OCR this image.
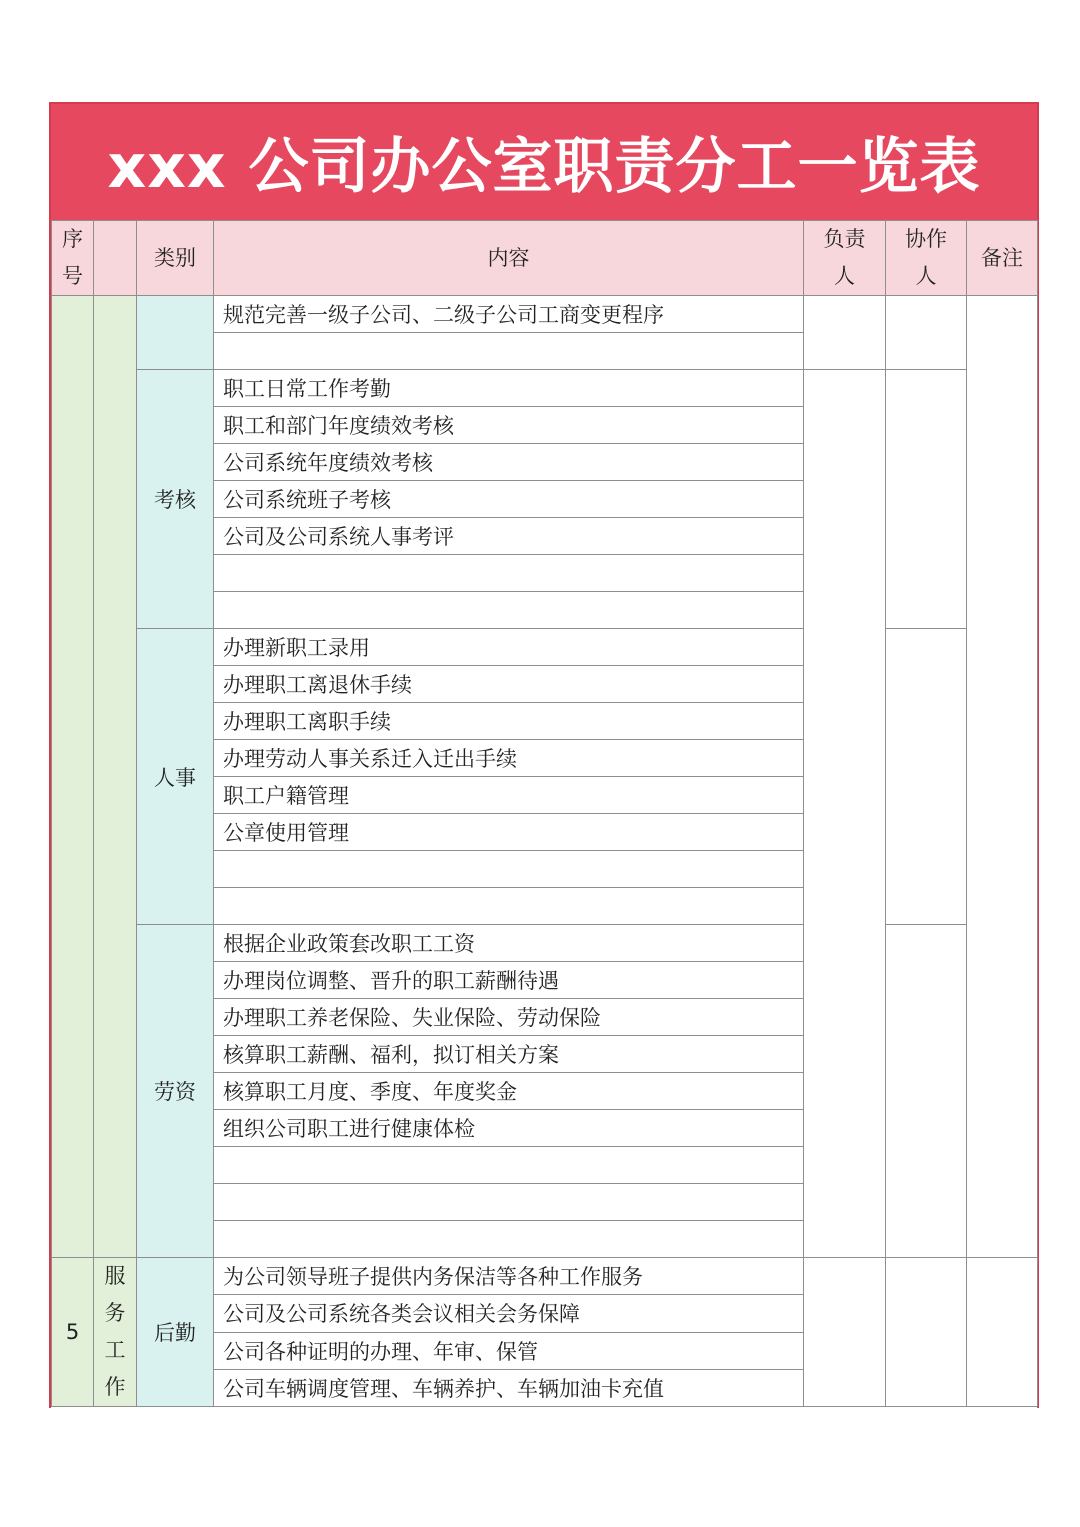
xxx 公司办公室职责分工一览表
序号		类别	内容	负责人	协作人	备注
			规范完善一级子公司、二级子公司工商变更程序			

		考核	职工日常工作考勤			
			职工和部门年度绩效考核			
			公司系统年度绩效考核			
			公司系统班子考核			
			公司及公司系统人事考评			

		人事	办理新职工录用			
			办理职工离退休手续			
			办理职工离职手续			
			办理劳动人事关系迁入迁出手续			
			职工户籍管理			
			公章使用管理			

		劳资	根据企业政策套改职工工资			
			办理岗位调整、晋升的职工薪酬待遇			
			办理职工养老保险、失业保险、劳动保险			
			核算职工薪酬、福利，拟订相关方案			
			核算职工月度、季度、年度奖金			
			组织公司职工进行健康体检			

5	服务工作	后勤	为公司领导班子提供内务保洁等各种工作服务			
			公司及公司系统各类会议相关会务保障			
			公司各种证明的办理、年审、保管			
			公司车辆调度管理、车辆养护、车辆加油卡充值			
